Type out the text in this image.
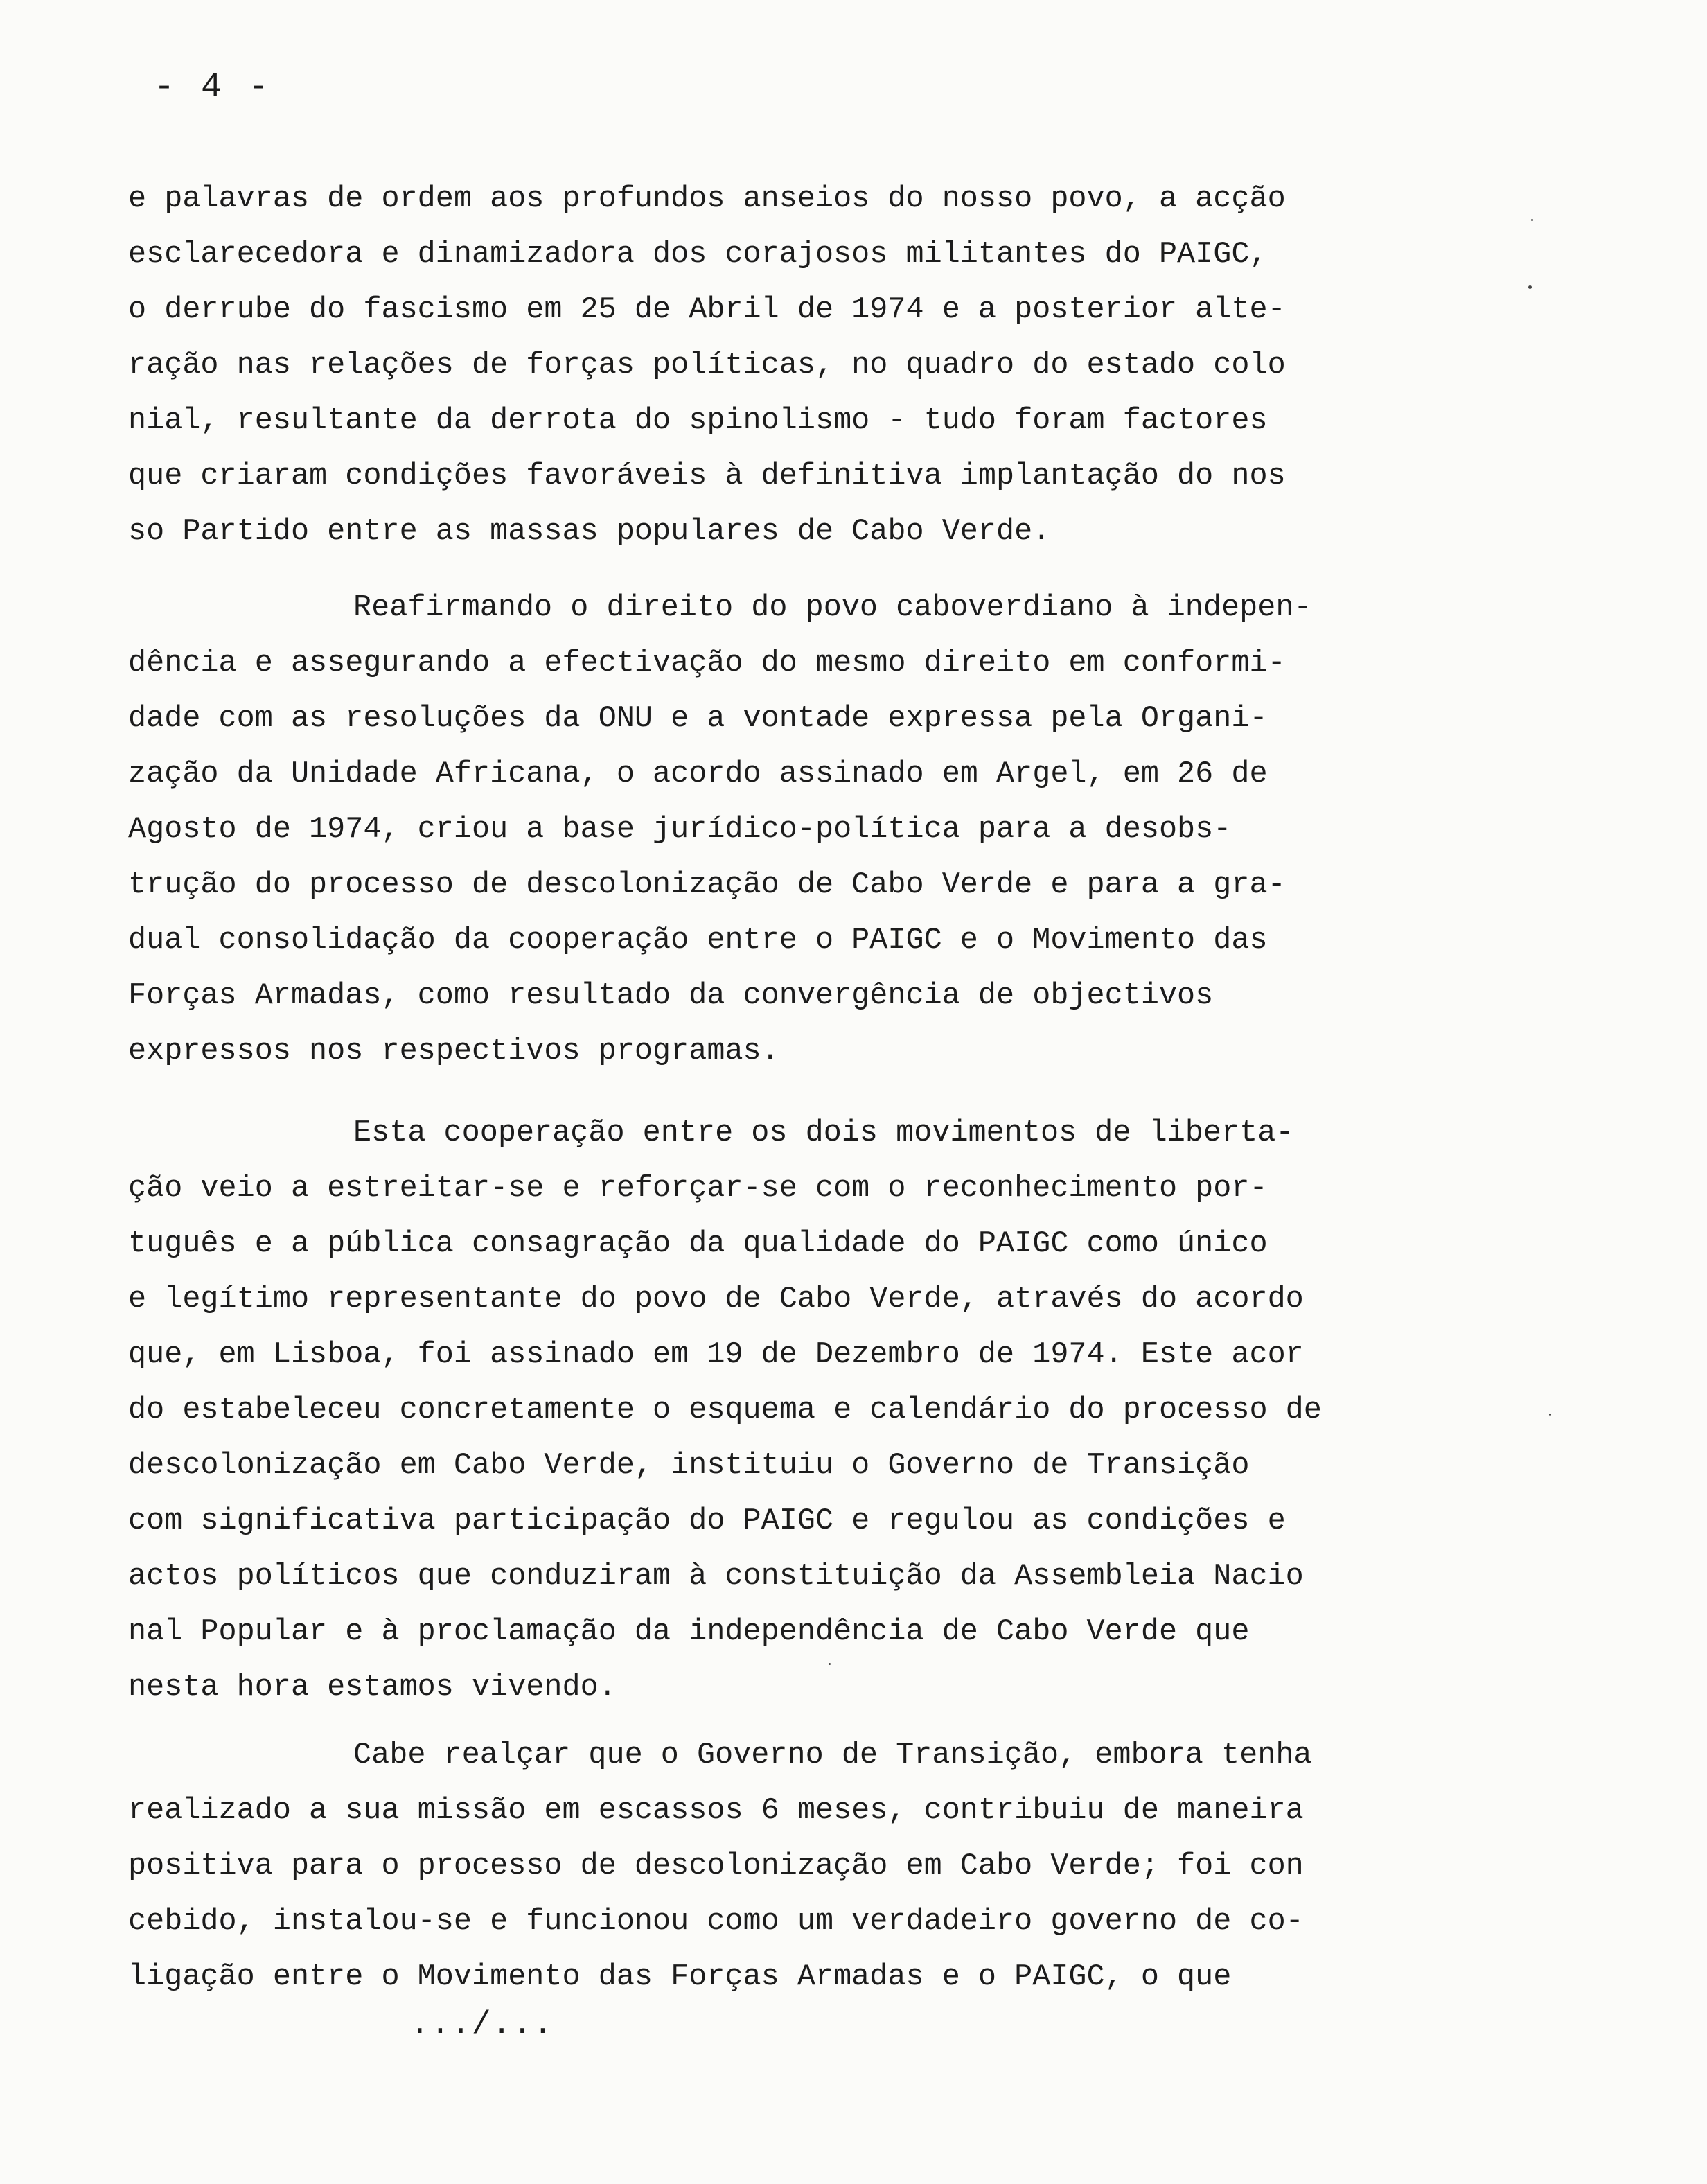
- 4 -
e palavras de ordem aos profundos anseios do nosso povo, a acção
esclarecedora e dinamizadora dos corajosos militantes do PAIGC,
o derrube do fascismo em 25 de Abril de 1974 e a posterior alte-
ração nas relações de forças políticas, no quadro do estado colo
nial, resultante da derrota do spinolismo - tudo foram factores
que criaram condições favoráveis à definitiva implantação do nos
so Partido entre as massas populares de Cabo Verde.
Reafirmando o direito do povo caboverdiano à indepen-
dência e assegurando a efectivação do mesmo direito em conformi-
dade com as resoluções da ONU e a vontade expressa pela Organi-
zação da Unidade Africana, o acordo assinado em Argel, em 26 de
Agosto de 1974, criou a base jurídico-política para a desobs-
trução do processo de descolonização de Cabo Verde e para a gra-
dual consolidação da cooperação entre o PAIGC e o Movimento das
Forças Armadas, como resultado da convergência de objectivos
expressos nos respectivos programas.
Esta cooperação entre os dois movimentos de liberta-
ção veio a estreitar-se e reforçar-se com o reconhecimento por-
tuguês e a pública consagração da qualidade do PAIGC como único
e legítimo representante do povo de Cabo Verde, através do acordo
que, em Lisboa, foi assinado em 19 de Dezembro de 1974. Este acor
do estabeleceu concretamente o esquema e calendário do processo de
descolonização em Cabo Verde, instituiu o Governo de Transição
com significativa participação do PAIGC e regulou as condições e
actos políticos que conduziram à constituição da Assembleia Nacio
nal Popular e à proclamação da independência de Cabo Verde que
nesta hora estamos vivendo.
Cabe realçar que o Governo de Transição, embora tenha
realizado a sua missão em escassos 6 meses, contribuiu de maneira
positiva para o processo de descolonização em Cabo Verde; foi con
cebido, instalou-se e funcionou como um verdadeiro governo de co-
ligação entre o Movimento das Forças Armadas e o PAIGC, o que
.../...
